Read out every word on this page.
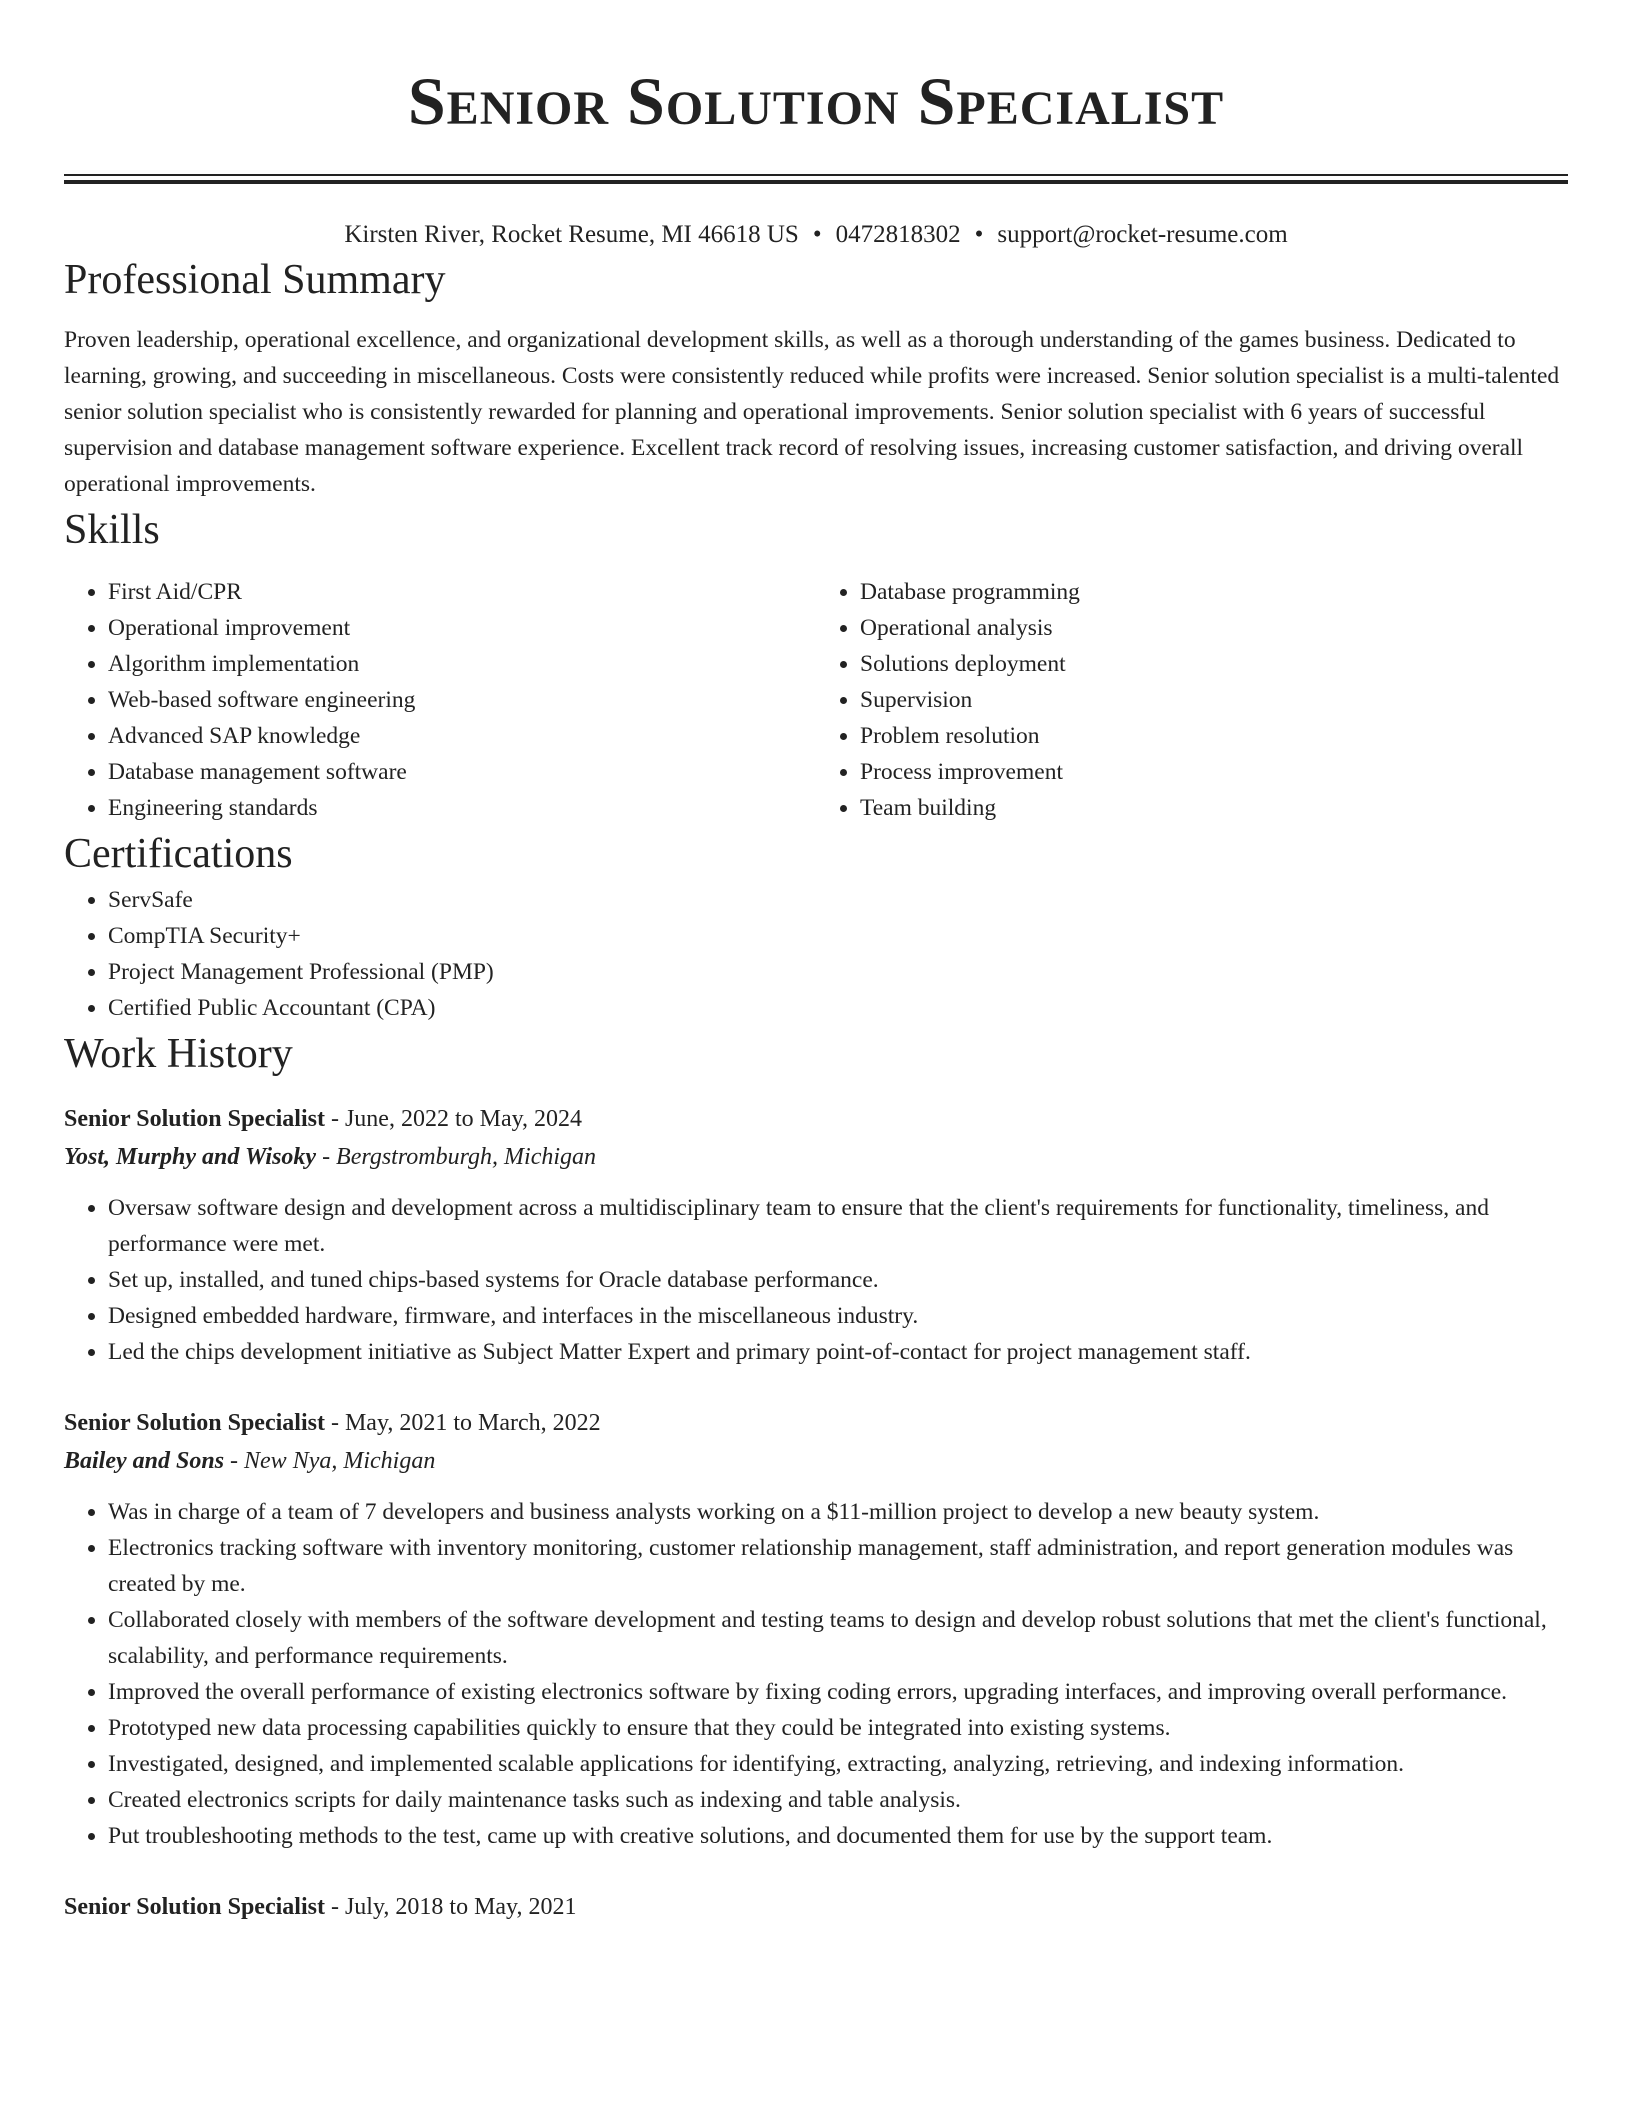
Senior Solution Specialist
Kirsten River, Rocket Resume, MI 46618 US • 0472818302 • support@rocket-resume.com
Professional Summary

Proven leadership, operational excellence, and organizational development skills, as well as a thorough understanding of the games business. Dedicated to learning, growing, and succeeding in miscellaneous. Costs were consistently reduced while profits were increased. Senior solution specialist is a multi-talented senior solution specialist who is consistently rewarded for planning and operational improvements. Senior solution specialist with 6 years of successful supervision and database management software experience. Excellent track record of resolving issues, increasing customer satisfaction, and driving overall operational improvements.

Skills
• First Aid/CPR
• Operational improvement
• Algorithm implementation
• Web-based software engineering
• Advanced SAP knowledge
• Database management software
• Engineering standards
• Database programming
• Operational analysis
• Solutions deployment
• Supervision
• Problem resolution
• Process improvement
• Team building
Certifications
• ServSafe
• CompTIA Security+
• Project Management Professional (PMP)
• Certified Public Accountant (CPA)
Work History
Senior Solution Specialist - June, 2022 to May, 2024
Yost, Murphy and Wisoky - Bergstromburgh, Michigan
• Oversaw software design and development across a multidisciplinary team to ensure that the client's requirements for functionality, timeliness, and performance were met.
• Set up, installed, and tuned chips-based systems for Oracle database performance.
• Designed embedded hardware, firmware, and interfaces in the miscellaneous industry.
• Led the chips development initiative as Subject Matter Expert and primary point-of-contact for project management staff.
Senior Solution Specialist - May, 2021 to March, 2022
Bailey and Sons - New Nya, Michigan
• Was in charge of a team of 7 developers and business analysts working on a $11-million project to develop a new beauty system.
• Electronics tracking software with inventory monitoring, customer relationship management, staff administration, and report generation modules was created by me.
• Collaborated closely with members of the software development and testing teams to design and develop robust solutions that met the client's functional, scalability, and performance requirements.
• Improved the overall performance of existing electronics software by fixing coding errors, upgrading interfaces, and improving overall performance.
• Prototyped new data processing capabilities quickly to ensure that they could be integrated into existing systems.
• Investigated, designed, and implemented scalable applications for identifying, extracting, analyzing, retrieving, and indexing information.
• Created electronics scripts for daily maintenance tasks such as indexing and table analysis.
• Put troubleshooting methods to the test, came up with creative solutions, and documented them for use by the support team.
Senior Solution Specialist - July, 2018 to May, 2021
